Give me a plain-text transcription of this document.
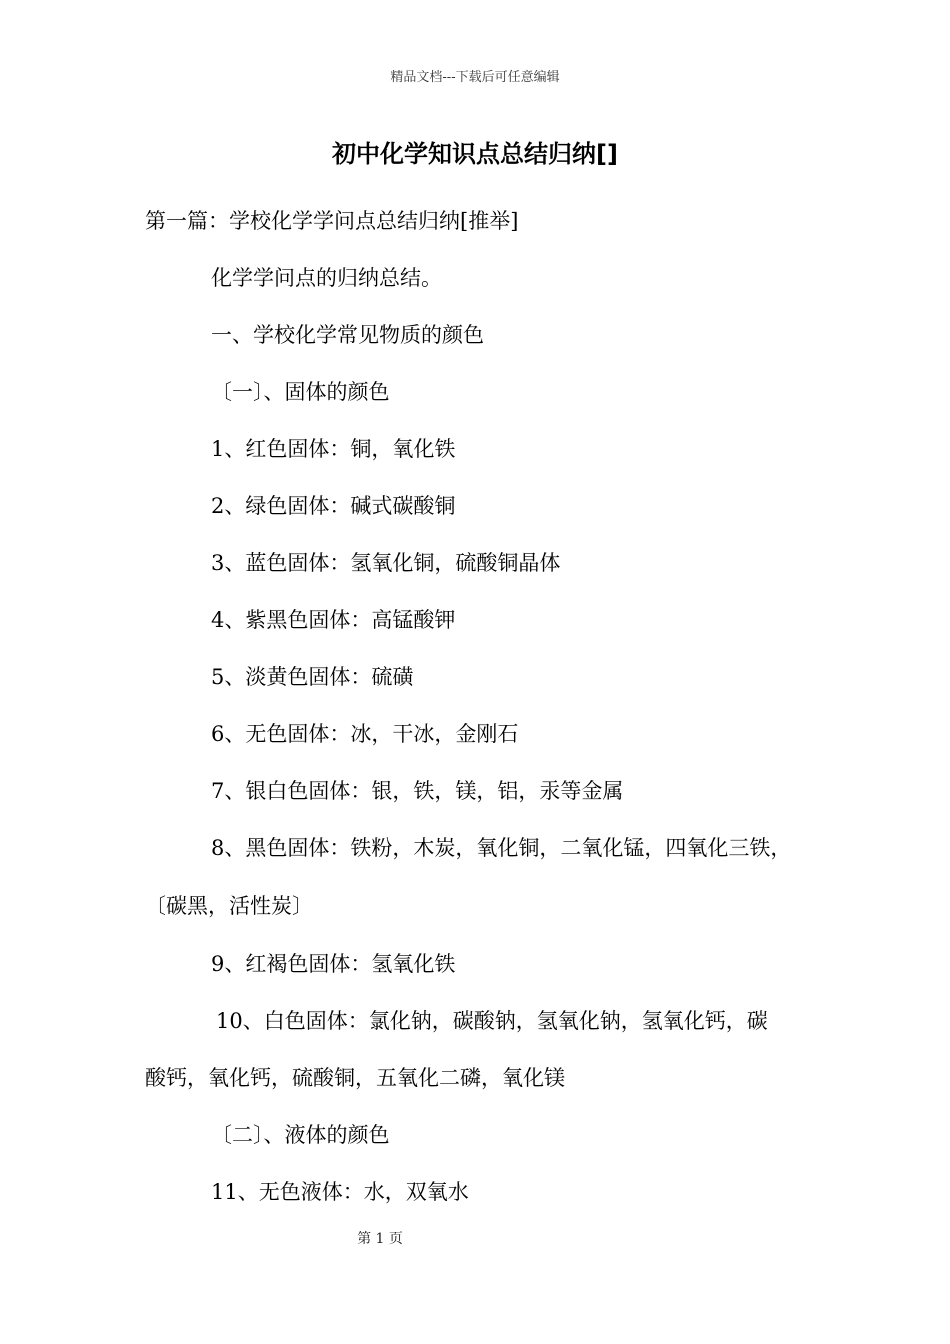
精品文档---下载后可任意编辑
初中化学知识点总结归纳[]
第一篇：学校化学学问点总结归纳[推举]
化学学问点的归纳总结。
一、学校化学常见物质的颜色
〔一〕、固体的颜色
1、红色固体：铜，氧化铁
2、绿色固体：碱式碳酸铜
3、蓝色固体：氢氧化铜，硫酸铜晶体
4、紫黑色固体：高锰酸钾
5、淡黄色固体：硫磺
6、无色固体：冰，干冰，金刚石
7、银白色固体：银，铁，镁，铝，汞等金属
8、黑色固体：铁粉，木炭，氧化铜，二氧化锰，四氧化三铁，
〔碳黑，活性炭〕
9、红褐色固体：氢氧化铁
10、白色固体：氯化钠，碳酸钠，氢氧化钠，氢氧化钙，碳
酸钙，氧化钙，硫酸铜，五氧化二磷，氧化镁
〔二〕、液体的颜色
11、无色液体：水，双氧水
第 1 页
